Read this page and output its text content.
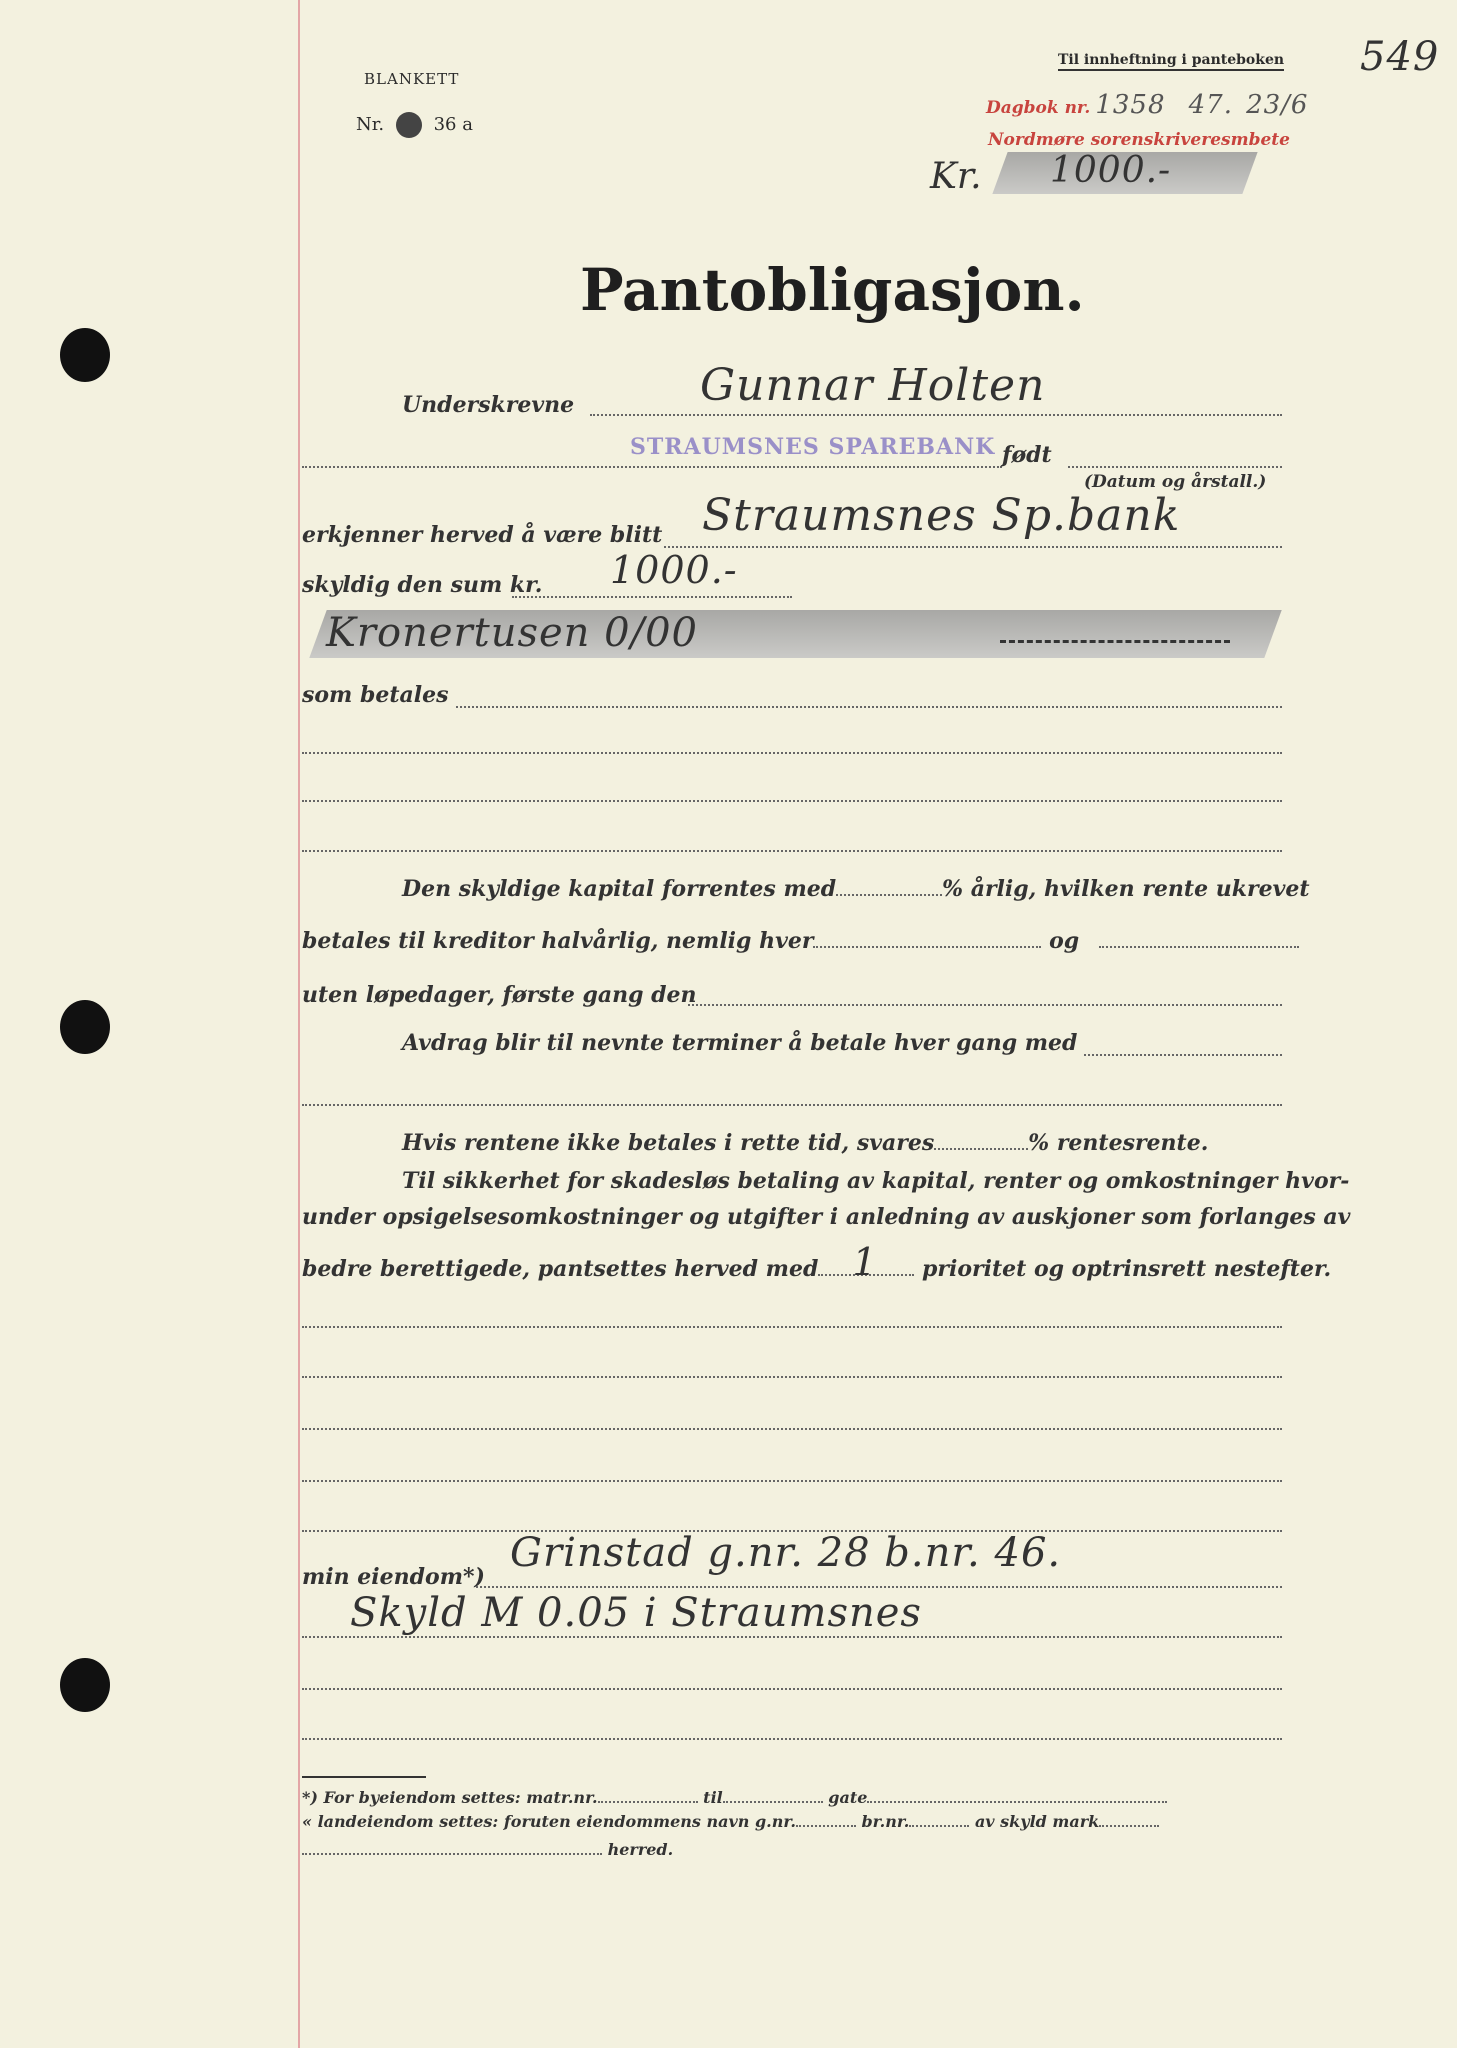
BLANKETT
Nr.	36 a
Til innheftning i panteboken 549
Dagbok nr. 1358 47. 23/6
Nordmøre sorenskriveresmbete
Kr. 1000.-
Pantobligasjon.
Underskrevne	Gunnar Holten
STRAUMSNES SPAREBANK født
(Datum og årstall.)
erkjenner herved å være blitt Straumsnes Sp.bank
skyldig den sum kr. 1000.-
Kronertusen 0/00
som betales
Den skyldige kapital forrentes med	% årlig, hvilken rente ukrevet
betales til kreditor halvårlig, nemlig hver	og
uten løpedager, første gang den
Avdrag blir til nevnte terminer å betale hver gang med
Hvis rentene ikke betales i rette tid, svares	% rentesrente.
Til sikkerhet for skadesløs betaling av kapital, renter og omkostninger hvor-
under opsigelsesomkostninger og utgifter i anledning av auskjoner som forlanges av
bedre berettigede, pantsettes herved med 1 prioritet og optrinsrett nestefter.
min eiendom*)
Grinstad g.nr. 28 b.nr. 46.
Skyld M 0.05 i Straumsnes
*) For byeiendom settes: matr.nr.	til	gate
« landeiendom settes: foruten eiendommens navn g.nr.	br.nr.	av skyld mark
herred.
